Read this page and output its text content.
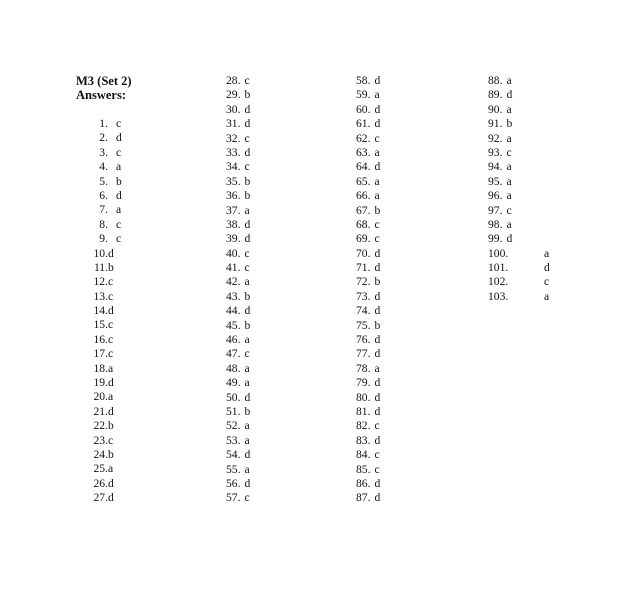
M3 (Set 2)
Answers:
1. c
2. d
3. c
4. a
5. b
6. d
7. a
8. c
9. c
10.d
11.b
12.c
13.c
14.d
15.c
16.c
17.c
18.a
19.d
20.a
21.d
22.b
23.c
24.b
25.a
26.d
27.d
28. c
29. b
30. d
31. d
32. c
33. d
34. c
35. b
36. b
37. a
38. d
39. d
40. c
41. c
42. a
43. b
44. d
45. b
46. a
47. c
48. a
49. a
50. d
51. b
52. a
53. a
54. d
55. a
56. d
57. c
58. d
59. a
60. d
61. d
62. c
63. a
64. d
65. a
66. a
67. b
68. c
69. c
70. d
71. d
72. b
73. d
74. d
75. b
76. d
77. d
78. a
79. d
80. d
81. d
82. c
83. d
84. c
85. c
86. d
87. d
88. a
89. d
90. a
91. b
92. a
93. c
94. a
95. a
96. a
97. c
98. a
99. d
100.	a
101.	d
102.	c
103.	a
